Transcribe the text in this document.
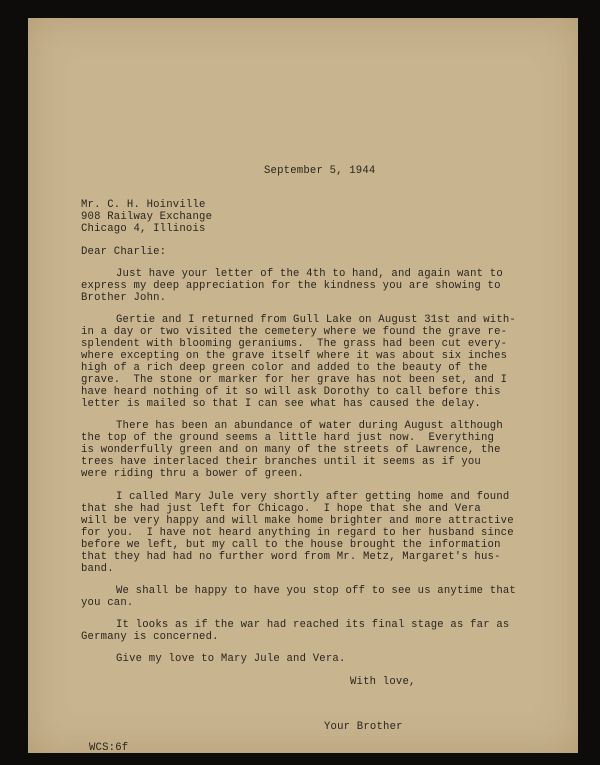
September 5, 1944
Mr. C. H. Hoinville
908 Railway Exchange
Chicago 4, Illinois
Dear Charlie:
Just have your letter of the 4th to hand, and again want to
express my deep appreciation for the kindness you are showing to
Brother John.
Gertie and I returned from Gull Lake on August 31st and with-
in a day or two visited the cemetery where we found the grave re-
splendent with blooming geraniums.  The grass had been cut every-
where excepting on the grave itself where it was about six inches
high of a rich deep green color and added to the beauty of the
grave.  The stone or marker for her grave has not been set, and I
have heard nothing of it so will ask Dorothy to call before this
letter is mailed so that I can see what has caused the delay.
There has been an abundance of water during August although
the top of the ground seems a little hard just now.  Everything
is wonderfully green and on many of the streets of Lawrence, the
trees have interlaced their branches until it seems as if you
were riding thru a bower of green.
I called Mary Jule very shortly after getting home and found
that she had just left for Chicago.  I hope that she and Vera
will be very happy and will make home brighter and more attractive
for you.  I have not heard anything in regard to her husband since
before we left, but my call to the house brought the information
that they had had no further word from Mr. Metz, Margaret's hus-
band.
We shall be happy to have you stop off to see us anytime that
you can.
It looks as if the war had reached its final stage as far as
Germany is concerned.
Give my love to Mary Jule and Vera.
With love,
Your Brother
WCS:6f
